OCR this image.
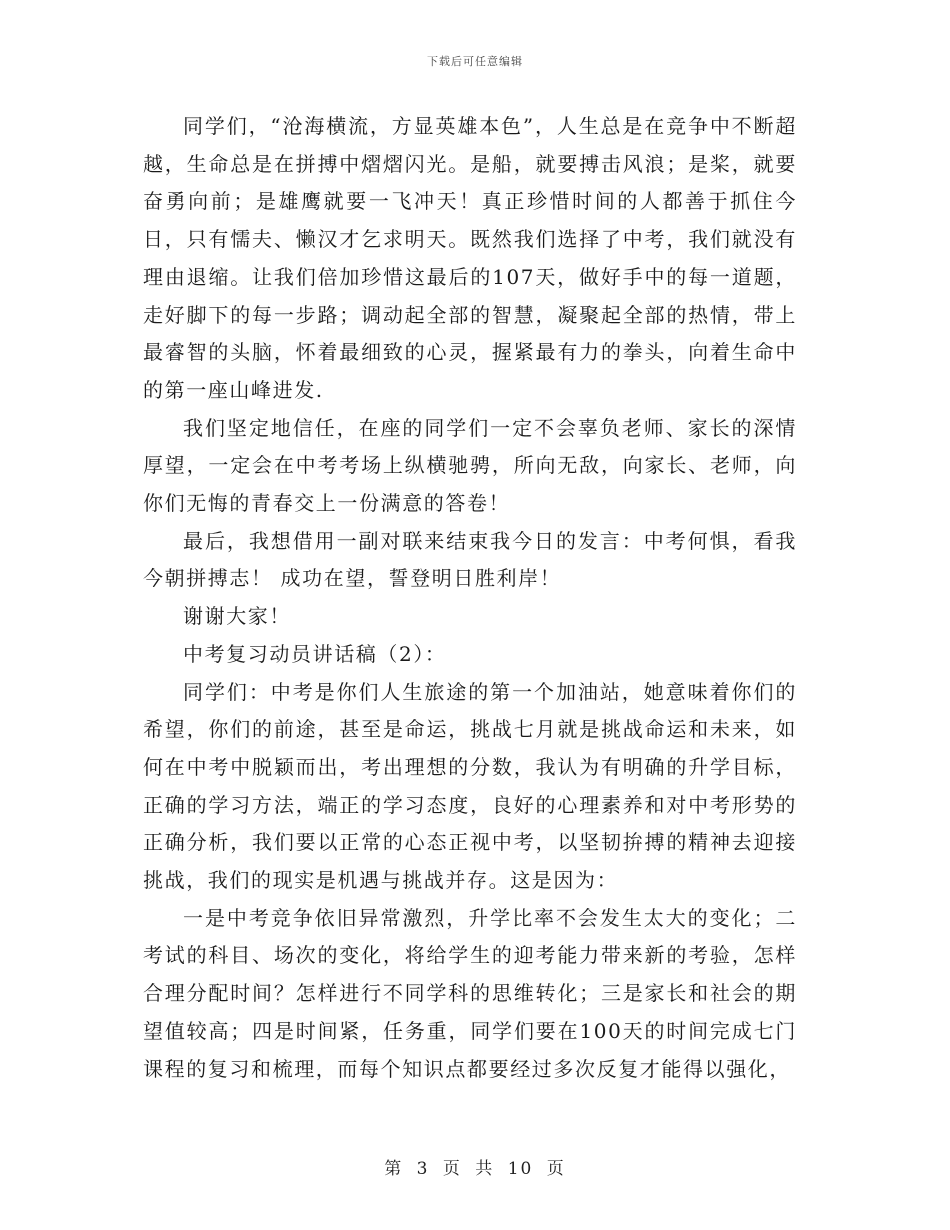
下载后可任意编辑

同学们，“沧海横流，方显英雄本色”，人生总是在竞争中不断超越，生命总是在拼搏中熠熠闪光。是船，就要搏击风浪；是桨，就要奋勇向前；是雄鹰就要一飞冲天！真正珍惜时间的人都善于抓住今日，只有懦夫、懒汉才乞求明天。既然我们选择了中考，我们就没有理由退缩。让我们倍加珍惜这最后的107天，做好手中的每一道题，走好脚下的每一步路；调动起全部的智慧，凝聚起全部的热情，带上最睿智的头脑，怀着最细致的心灵，握紧最有力的拳头，向着生命中的第一座山峰进发.

我们坚定地信任，在座的同学们一定不会辜负老师、家长的深情厚望，一定会在中考考场上纵横驰骋，所向无敌，向家长、老师，向你们无悔的青春交上一份满意的答卷！

最后，我想借用一副对联来结束我今日的发言：中考何惧，看我今朝拼搏志！ 成功在望，誓登明日胜利岸！

谢谢大家！

中考复习动员讲话稿（2）：

同学们：中考是你们人生旅途的第一个加油站，她意味着你们的希望，你们的前途，甚至是命运，挑战七月就是挑战命运和未来，如何在中考中脱颖而出，考出理想的分数，我认为有明确的升学目标，正确的学习方法，端正的学习态度，良好的心理素养和对中考形势的正确分析，我们要以正常的心态正视中考，以坚韧拚搏的精神去迎接挑战，我们的现实是机遇与挑战并存。这是因为：

一是中考竞争依旧异常激烈，升学比率不会发生太大的变化；二考试的科目、场次的变化，将给学生的迎考能力带来新的考验，怎样合理分配时间？怎样进行不同学科的思维转化；三是家长和社会的期望值较高；四是时间紧，任务重，同学们要在100天的时间完成七门课程的复习和梳理，而每个知识点都要经过多次反复才能得以强化，

第 3 页 共 10 页
